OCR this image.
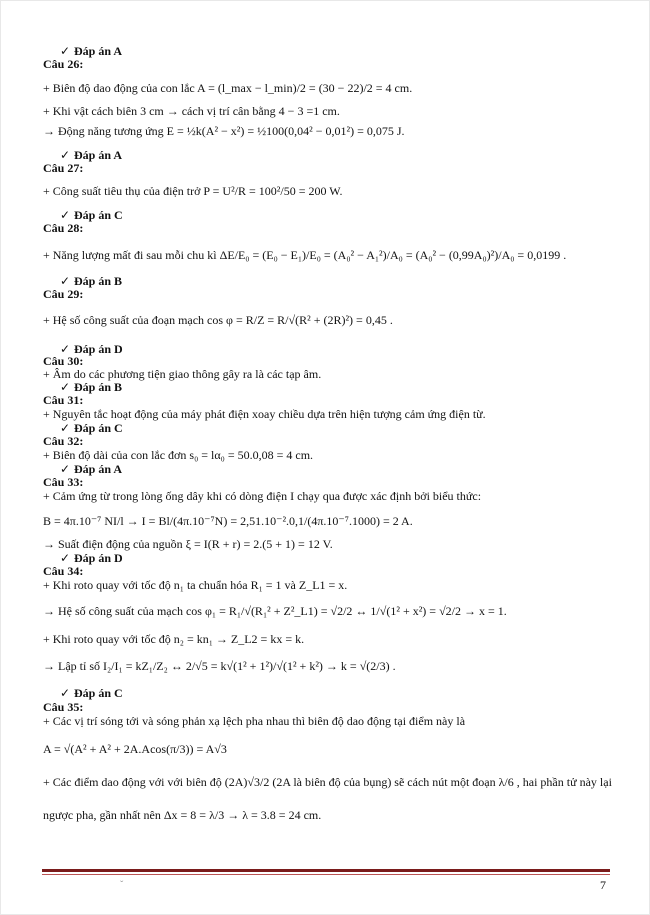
✓ Đáp án A
Câu 26:
+ Biên độ dao động của con lắc A = (l_max − l_min)/2 = (30 − 22)/2 = 4 cm.
+ Khi vật cách biên 3 cm → cách vị trí cân bằng 4 − 3 =1 cm.
→ Động năng tương ứng E = ½k(A² − x²) = ½100(0,04² − 0,01²) = 0,075 J.
✓ Đáp án A
Câu 27:
+ Công suất tiêu thụ của điện trở P = U²/R = 100²/50 = 200 W.
✓ Đáp án C
Câu 28:
+ Năng lượng mất đi sau mỗi chu kì ΔE/E₀ = (E₀ − E₁)/E₀ = (A₀² − A₁²)/A₀ = (A₀² − (0,99A₀)²)/A₀ = 0,0199 .
✓ Đáp án B
Câu 29:
+ Hệ số công suất của đoạn mạch cos φ = R/Z = R/√(R² + (2R)²) = 0,45 .
✓ Đáp án D
Câu 30:
+ Âm do các phương tiện giao thông gây ra là các tạp âm.
✓ Đáp án B
Câu 31:
+ Nguyên tắc hoạt động của máy phát điện xoay chiều dựa trên hiện tượng cảm ứng điện từ.
✓ Đáp án C
Câu 32:
+ Biên độ dài của con lắc đơn s₀ = lα₀ = 50.0,08 = 4 cm.
✓ Đáp án A
Câu 33:
+ Cảm ứng từ trong lòng ống dây khi có dòng điện I chạy qua được xác định bởi biểu thức:
B = 4π.10⁻⁷ NI/l → I = Bl/(4π.10⁻⁷N) = 2,51.10⁻².0,1/(4π.10⁻⁷.1000) = 2 A.
→ Suất điện động của nguồn ξ = I(R + r) = 2.(5 + 1) = 12 V.
✓ Đáp án D
Câu 34:
+ Khi roto quay với tốc độ n₁ ta chuẩn hóa R₁ = 1 và Z_L1 = x.
→ Hệ số công suất của mạch cos φ₁ = R₁/√(R₁² + Z²_L1) = √2/2 ↔ 1/√(1² + x²) = √2/2 → x = 1.
+ Khi roto quay với tốc độ n₂ = kn₁ → Z_L2 = kx = k.
→ Lập tỉ số I₂/I₁ = kZ₁/Z₂ ↔ 2/√5 = k√(1² + 1²)/√(1² + k²) → k = √(2/3) .
✓ Đáp án C
Câu 35:
+ Các vị trí sóng tới và sóng phản xạ lệch pha nhau thì biên độ dao động tại điểm này là
A = √(A² + A² + 2A.Acos(π/3)) = A√3
+ Các điểm dao động với với biên độ (2A)√3/2 (2A là biên độ của bụng) sẽ cách nút một đoạn λ/6 , hai phần tử này lại
ngược pha, gần nhất nên Δx = 8 = λ/3 → λ = 3.8 = 24 cm.
ˇ	7
